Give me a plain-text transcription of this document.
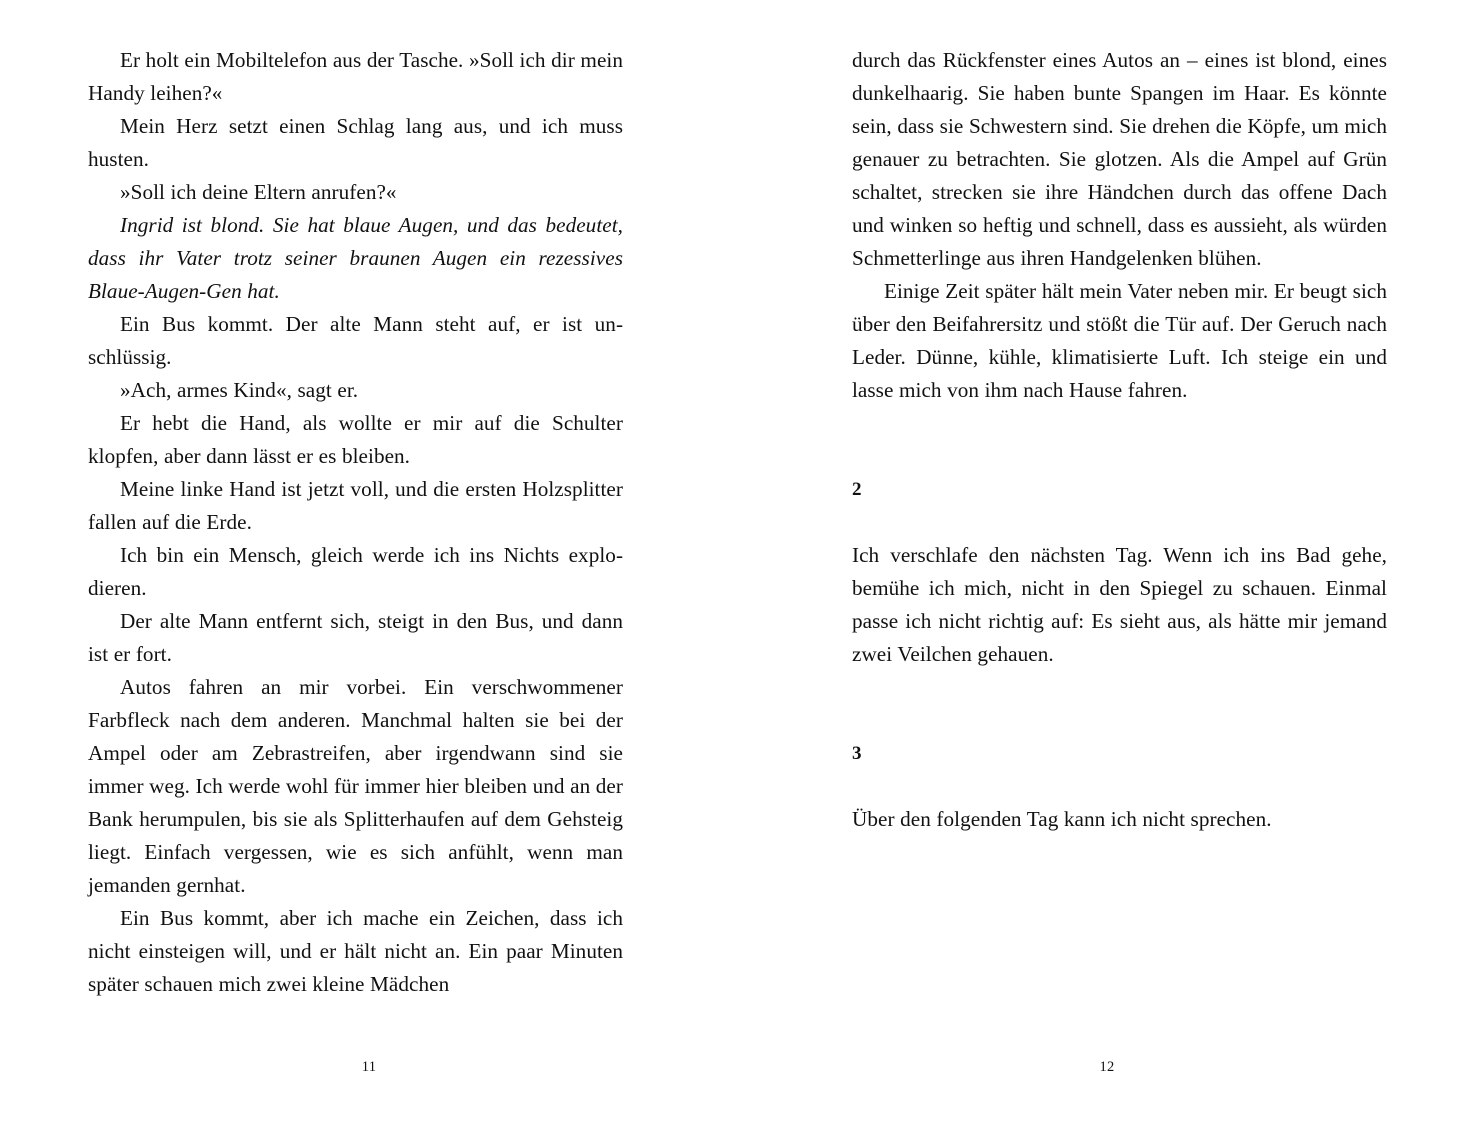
Er holt ein Mobiltelefon aus der Tasche. »Soll ich dir mein Handy leihen?«

Mein Herz setzt einen Schlag lang aus, und ich muss husten.

»Soll ich deine Eltern anrufen?«

Ingrid ist blond. Sie hat blaue Augen, und das bedeutet, dass ihr Vater trotz seiner braunen Augen ein rezessives Blaue-Augen-Gen hat.

Ein Bus kommt. Der alte Mann steht auf, er ist unschlüssig.

»Ach, armes Kind«, sagt er.

Er hebt die Hand, als wollte er mir auf die Schulter klopfen, aber dann lässt er es bleiben.

Meine linke Hand ist jetzt voll, und die ersten Holzsplitter fallen auf die Erde.

Ich bin ein Mensch, gleich werde ich ins Nichts explodieren.

Der alte Mann entfernt sich, steigt in den Bus, und dann ist er fort.

Autos fahren an mir vorbei. Ein verschwommener Farbfleck nach dem anderen. Manchmal halten sie bei der Ampel oder am Zebrastreifen, aber irgendwann sind sie immer weg. Ich werde wohl für immer hier bleiben und an der Bank herumpulen, bis sie als Splitterhaufen auf dem Gehsteig liegt. Einfach vergessen, wie es sich anfühlt, wenn man jemanden gernhat.

Ein Bus kommt, aber ich mache ein Zeichen, dass ich nicht einsteigen will, und er hält nicht an. Ein paar Minuten später schauen mich zwei kleine Mädchen

11

durch das Rückfenster eines Autos an – eines ist blond, eines dunkelhaarig. Sie haben bunte Spangen im Haar. Es könnte sein, dass sie Schwestern sind. Sie drehen die Köpfe, um mich genauer zu betrachten. Sie glotzen. Als die Ampel auf Grün schaltet, strecken sie ihre Händchen durch das offene Dach und winken so heftig und schnell, dass es aussieht, als würden Schmetterlinge aus ihren Handgelenken blühen.

Einige Zeit später hält mein Vater neben mir. Er beugt sich über den Beifahrersitz und stößt die Tür auf. Der Geruch nach Leder. Dünne, kühle, klimatisierte Luft. Ich steige ein und lasse mich von ihm nach Hause fahren.

2

Ich verschlafe den nächsten Tag. Wenn ich ins Bad gehe, bemühe ich mich, nicht in den Spiegel zu schauen. Einmal passe ich nicht richtig auf: Es sieht aus, als hätte mir jemand zwei Veilchen gehauen.

3

Über den folgenden Tag kann ich nicht sprechen.

12
